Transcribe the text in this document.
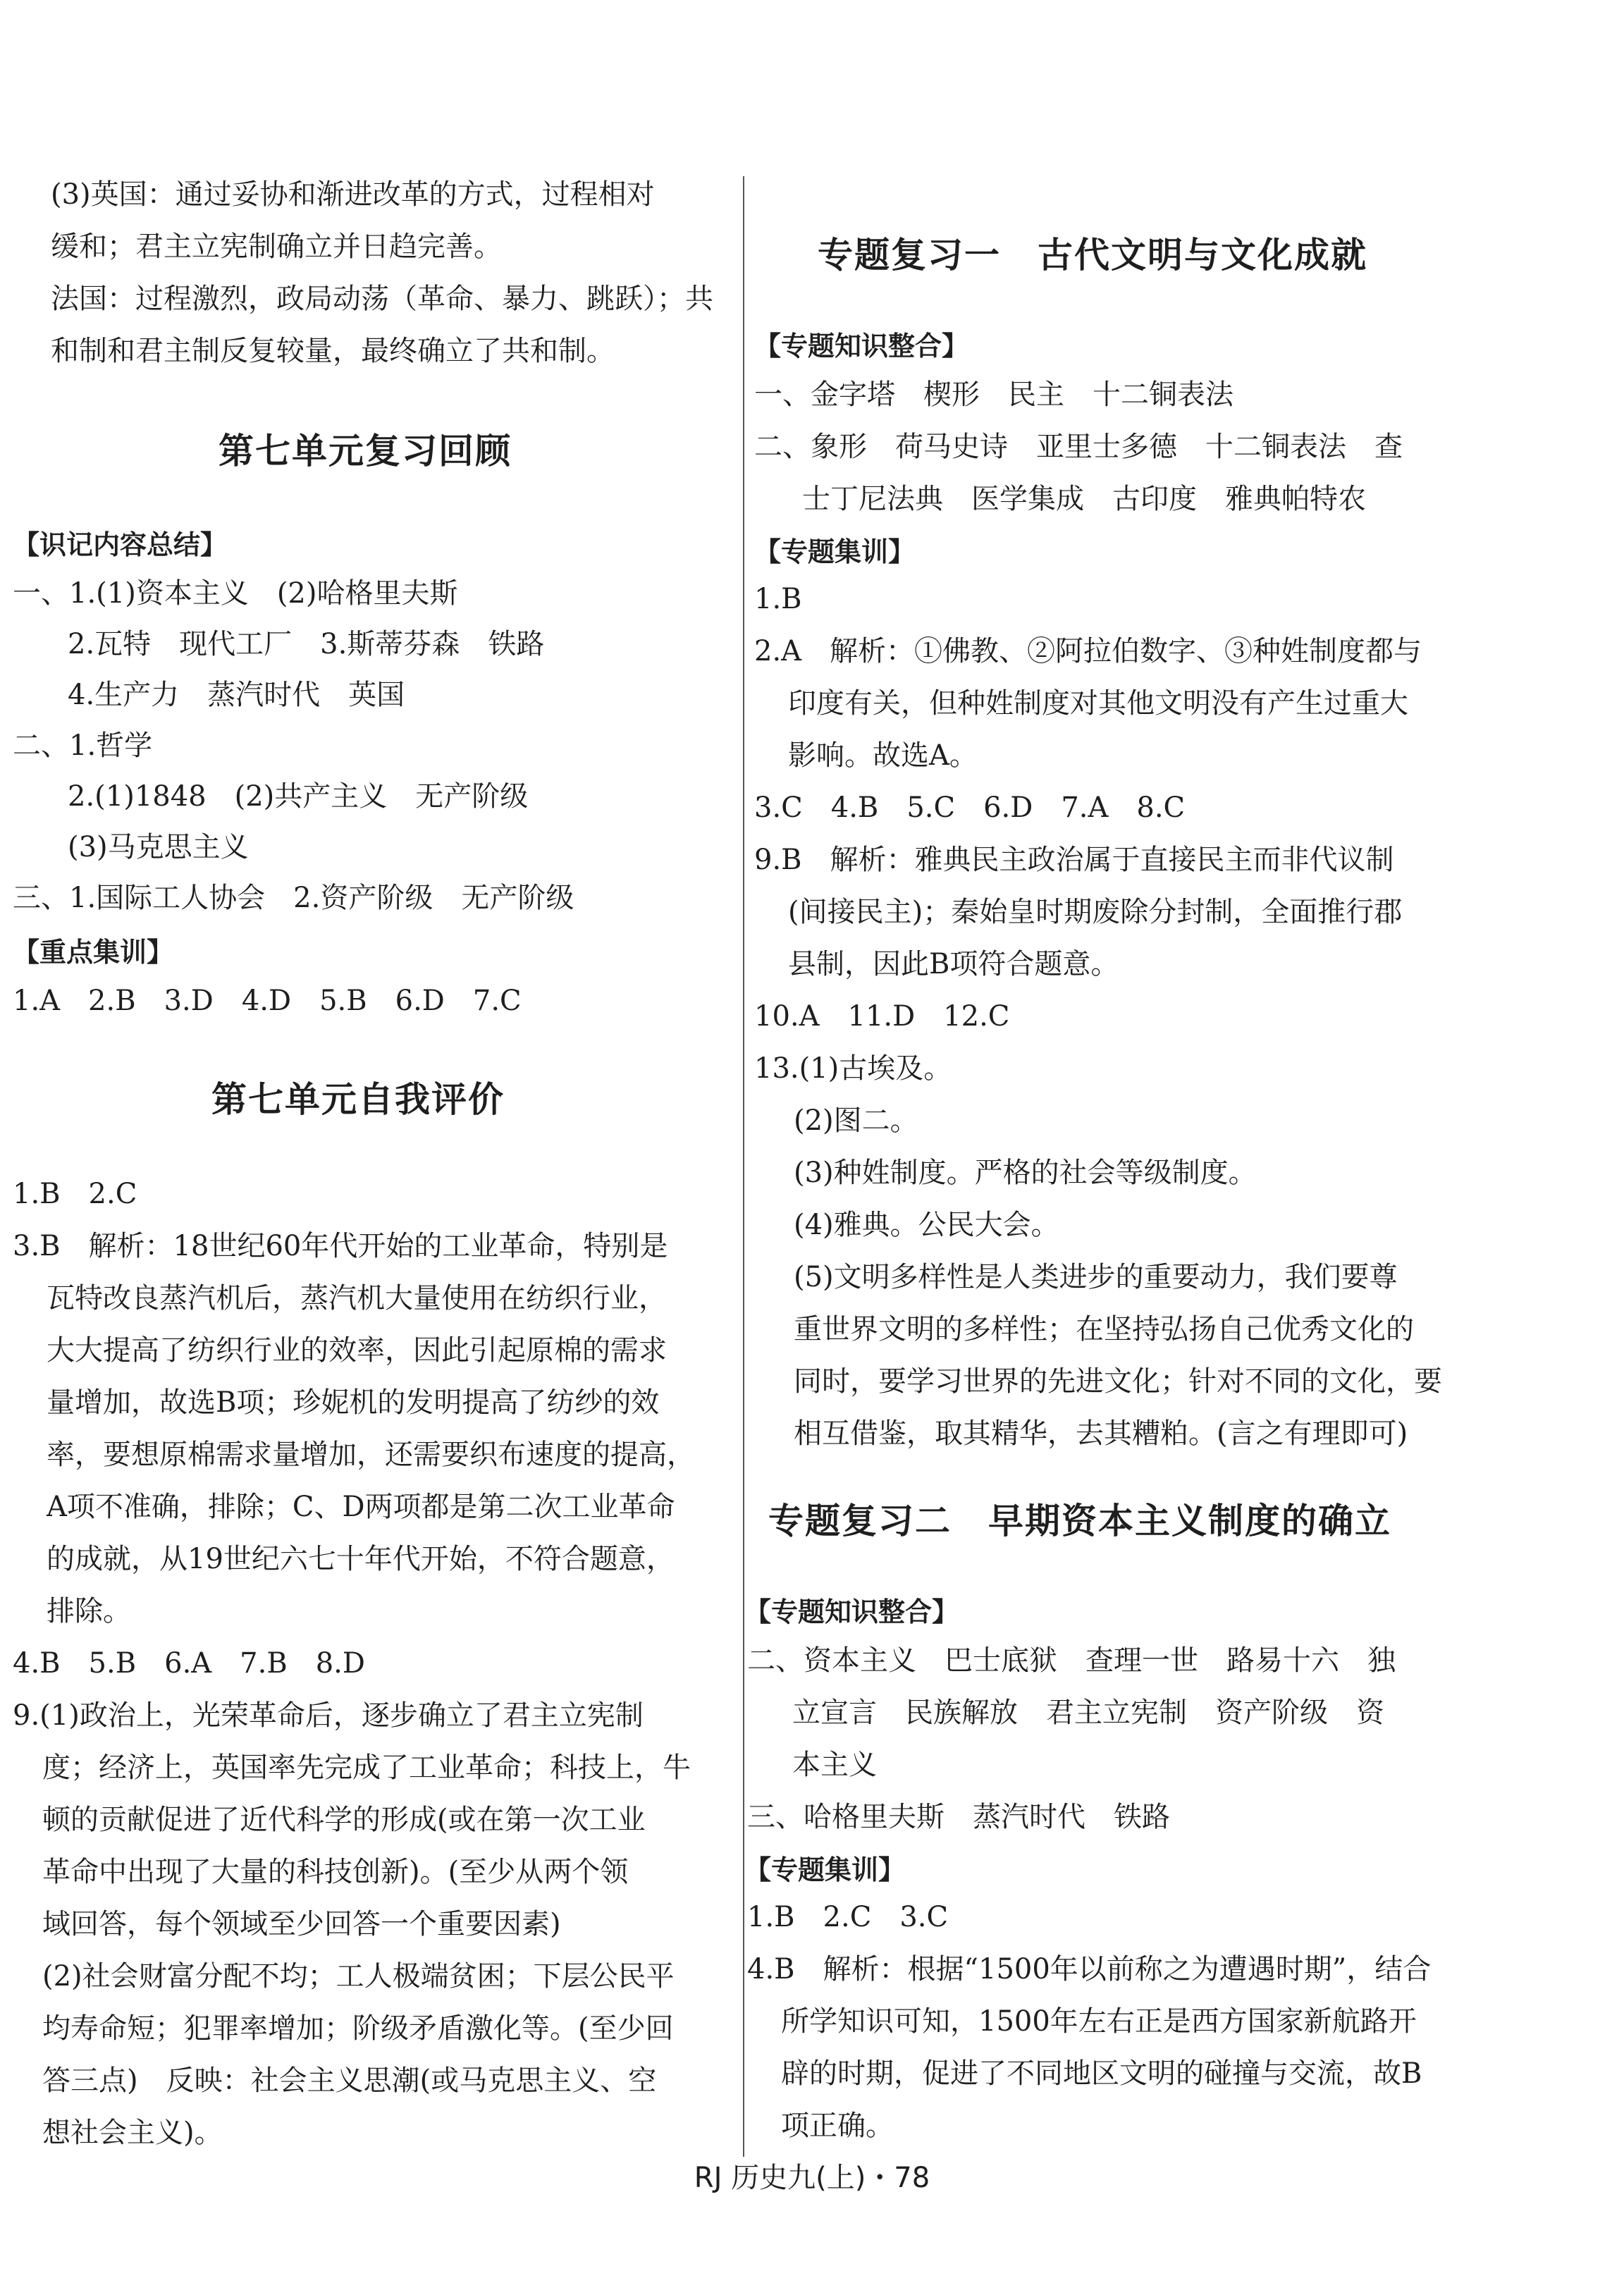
(3)英国：通过妥协和渐进改革的方式，过程相对
缓和；君主立宪制确立并日趋完善。
法国：过程激烈，政局动荡（革命、暴力、跳跃）；共
和制和君主制反复较量，最终确立了共和制。
第七单元复习回顾
【识记内容总结】
一、1.(1)资本主义　(2)哈格里夫斯
2.瓦特　现代工厂　3.斯蒂芬森　铁路
4.生产力　蒸汽时代　英国
二、1.哲学
2.(1)1848　(2)共产主义　无产阶级
(3)马克思主义
三、1.国际工人协会　2.资产阶级　无产阶级
【重点集训】
1.A　2.B　3.D　4.D　5.B　6.D　7.C
第七单元自我评价
1.B　2.C
3.B　解析：18世纪60年代开始的工业革命，特别是
瓦特改良蒸汽机后，蒸汽机大量使用在纺织行业，
大大提高了纺织行业的效率，因此引起原棉的需求
量增加，故选B项；珍妮机的发明提高了纺纱的效
率，要想原棉需求量增加，还需要织布速度的提高，
A项不准确，排除；C、D两项都是第二次工业革命
的成就，从19世纪六七十年代开始，不符合题意，
排除。
4.B　5.B　6.A　7.B　8.D
9.(1)政治上，光荣革命后，逐步确立了君主立宪制
度；经济上，英国率先完成了工业革命；科技上，牛
顿的贡献促进了近代科学的形成(或在第一次工业
革命中出现了大量的科技创新)。(至少从两个领
域回答，每个领域至少回答一个重要因素)
(2)社会财富分配不均；工人极端贫困；下层公民平
均寿命短；犯罪率增加；阶级矛盾激化等。(至少回
答三点)　反映：社会主义思潮(或马克思主义、空
想社会主义)。
专题复习一　古代文明与文化成就
【专题知识整合】
一、金字塔　楔形　民主　十二铜表法
二、象形　荷马史诗　亚里士多德　十二铜表法　查
士丁尼法典　医学集成　古印度　雅典帕特农
【专题集训】
1.B
2.A　解析：①佛教、②阿拉伯数字、③种姓制度都与
印度有关，但种姓制度对其他文明没有产生过重大
影响。故选A。
3.C　4.B　5.C　6.D　7.A　8.C
9.B　解析：雅典民主政治属于直接民主而非代议制
(间接民主)；秦始皇时期废除分封制，全面推行郡
县制，因此B项符合题意。
10.A　11.D　12.C
13.(1)古埃及。
(2)图二。
(3)种姓制度。严格的社会等级制度。
(4)雅典。公民大会。
(5)文明多样性是人类进步的重要动力，我们要尊
重世界文明的多样性；在坚持弘扬自己优秀文化的
同时，要学习世界的先进文化；针对不同的文化，要
相互借鉴，取其精华，去其糟粕。(言之有理即可)
专题复习二　早期资本主义制度的确立
【专题知识整合】
二、资本主义　巴士底狱　查理一世　路易十六　独
立宣言　民族解放　君主立宪制　资产阶级　资
本主义
三、哈格里夫斯　蒸汽时代　铁路
【专题集训】
1.B　2.C　3.C
4.B　解析：根据“1500年以前称之为遭遇时期”，结合
所学知识可知，1500年左右正是西方国家新航路开
辟的时期，促进了不同地区文明的碰撞与交流，故B
项正确。
RJ 历史九(上)・78
